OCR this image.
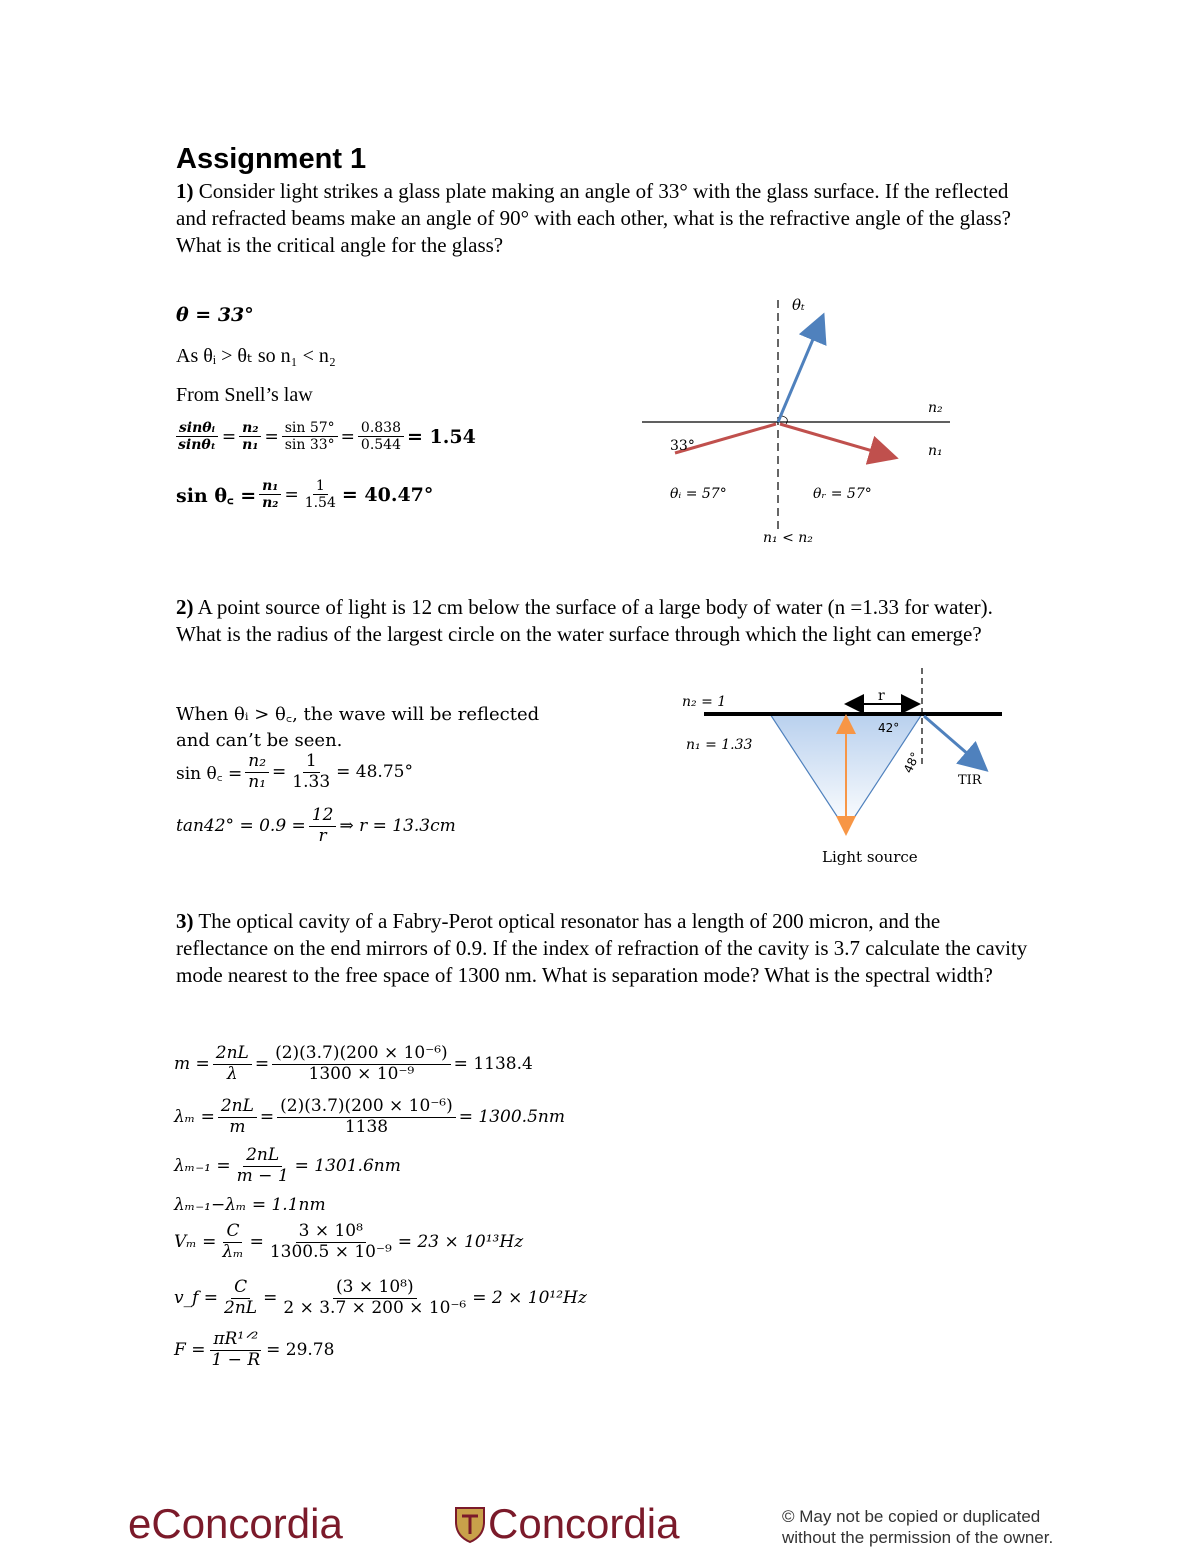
Assignment 1
1) Consider light strikes a glass plate making an angle of 33° with the glass surface. If the reflected and refracted beams make an angle of 90° with each other, what is the refractive angle of the glass? What is the critical angle for the glass?
θ = 33°
As θᵢ > θₜ so n₁ < n₂
From Snell’s law
$\frac{\text{sinθᵢ}}{\text{sinθₜ}} = \frac{\text{n₂}}{\text{n₁}} = \frac{\sin 57^\circ}{\sin 33^\circ} = \frac{0.838}{0.544} = 1.54$
sin θ꜀ = $\frac{\text{n₁}}{\text{n₂}} = \frac{1}{1.54} = 40.47^\circ$
θₜ
n₂
n₁
33°
θᵢ = 57°	θᵣ = 57°
n₁ < n₂
2) A point source of light is 12 cm below the surface of a large body of water (n =1.33 for water). What is the radius of the largest circle on the water surface through which the light can emerge?
When θᵢ > θ꜀, the wave will be reflected
and can’t be seen.
sin θ꜀ = $\frac{\text{n₂}}{\text{n₁}} = \frac{1}{1.33} = 48.75^\circ$
$\tan 42^\circ = 0.9 = \frac{12}{r}$ ⇒ r = 13.3cm
n₂ = 1
n₁ = 1.33
r
42°
48°
TIR
Light source
3) The optical cavity of a Fabry-Perot optical resonator has a length of 200 micron, and the reflectance on the end mirrors of 0.9. If the index of refraction of the cavity is 3.7 calculate the cavity mode nearest to the free space of 1300 nm. What is separation mode? What is the spectral width?
$m = \frac{2nL}{\lambda} = \frac{\text{(2)(3.7)(200 × 10⁻⁶)}}{\text{1300 × 10⁻⁹}} = 1138.4$
$\lambda_m = \frac{2nL}{m} = \frac{\text{(2)(3.7)(200 × 10⁻⁶)}}{1138} = 1300.5nm$
$\lambda_{m-1} = \frac{2nL}{m - 1} = 1301.6nm$
λₘ₋₁−λₘ = 1.1nm
$V_m = \frac{C}{\text{λₘ}} = \frac{\text{3 × 10⁸}}{\text{1300.5 × 10⁻⁹}} = 23 \times 10^{13}Hz$
v_f = $\frac{C}{2nL} = \frac{\text{(3 × 10⁸)}}{\text{2 × 3.7 × 200 × 10⁻⁶}} = 2 \times 10^{12}Hz$
$F = \frac{\text{πR¹ᐟ²}}{1 - R} = 29.78$
eConcordia	Concordia	© May not be copied or duplicated
without the permission of the owner.
